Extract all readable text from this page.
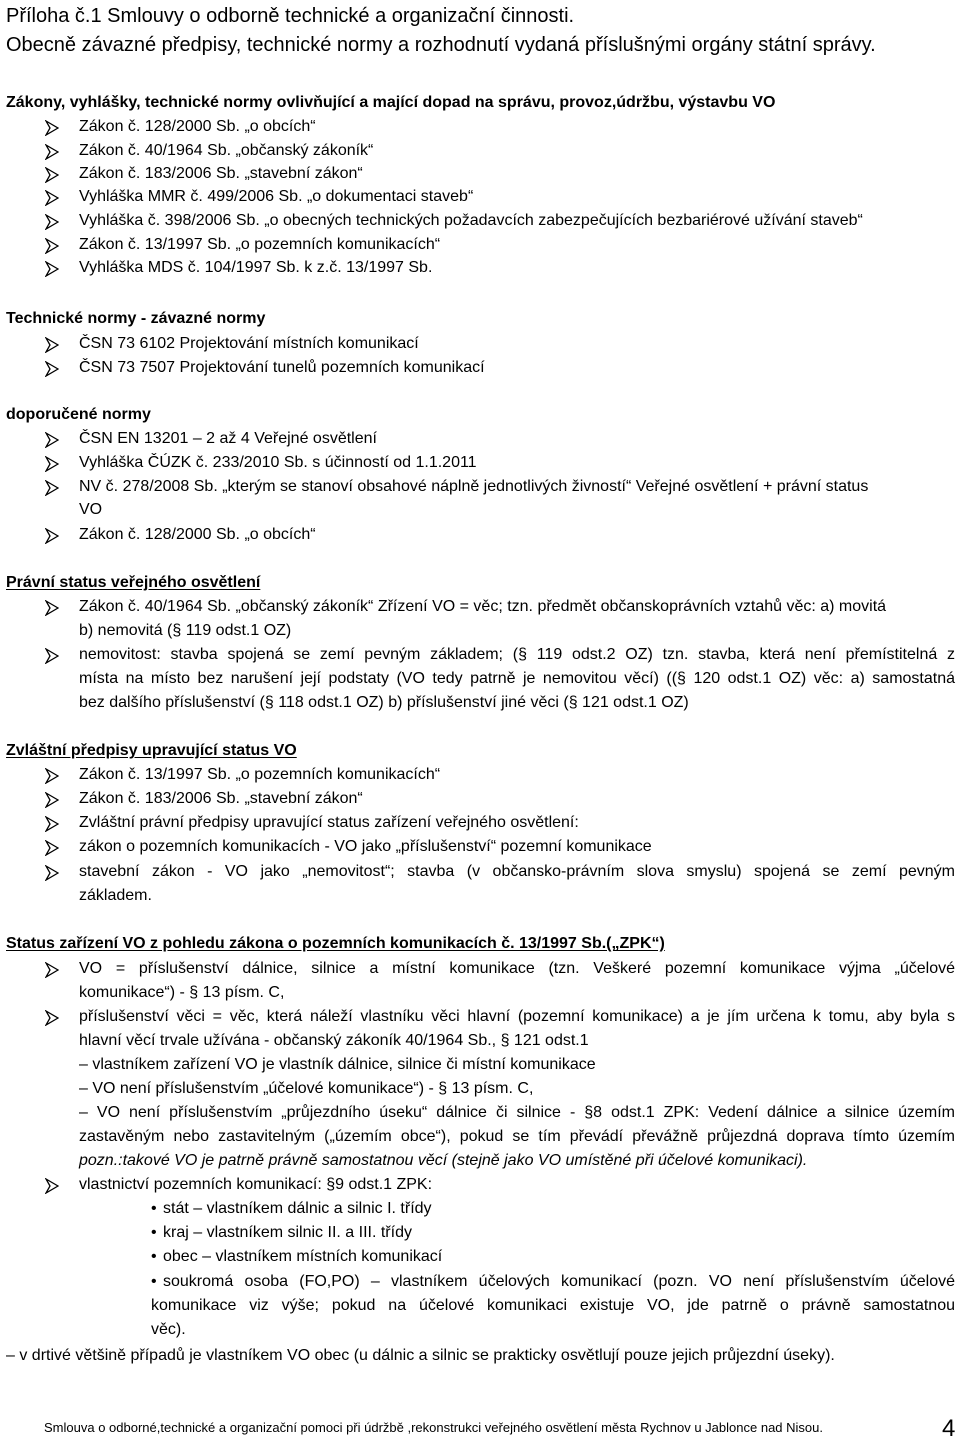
Příloha č.1 Smlouvy o odborně technické a organizační činnosti.
Obecně závazné předpisy, technické normy a rozhodnutí vydaná příslušnými orgány státní správy.
Zákony, vyhlášky, technické normy ovlivňující a mající dopad na správu, provoz,údržbu, výstavbu VO
Zákon č. 128/2000 Sb. „o obcích“
Zákon č. 40/1964 Sb. „občanský zákoník“
Zákon č. 183/2006 Sb. „stavební zákon“
Vyhláška MMR č. 499/2006 Sb. „o dokumentaci staveb“
Vyhláška č. 398/2006 Sb. „o obecných technických požadavcích zabezpečujících bezbariérové užívání staveb“
Zákon č. 13/1997 Sb. „o pozemních komunikacích“
Vyhláška MDS č. 104/1997 Sb. k z.č. 13/1997 Sb.
Technické normy - závazné normy
ČSN 73 6102 Projektování místních komunikací
ČSN 73 7507 Projektování tunelů pozemních komunikací
doporučené normy
ČSN EN 13201 – 2 až 4 Veřejné osvětlení
Vyhláška ČÚZK č. 233/2010 Sb. s účinností od 1.1.2011
NV č. 278/2008 Sb. „kterým se stanoví obsahové náplně jednotlivých živností“ Veřejné osvětlení + právní status
VO
Zákon č. 128/2000 Sb. „o obcích“
Právní status veřejného osvětlení
Zákon č. 40/1964 Sb. „občanský zákoník“ Zřízení VO = věc; tzn. předmět občanskoprávních vztahů věc: a) movitá
b) nemovitá (§ 119 odst.1 OZ)
nemovitost: stavba spojená se zemí pevným základem; (§ 119 odst.2 OZ) tzn. stavba, která není přemístitelná z
místa na místo bez narušení její podstaty (VO tedy patrně je nemovitou věcí) ((§ 120 odst.1 OZ) věc: a) samostatná
bez dalšího příslušenství (§ 118 odst.1 OZ) b) příslušenství jiné věci (§ 121 odst.1 OZ)
Zvláštní předpisy upravující status VO
Zákon č. 13/1997 Sb. „o pozemních komunikacích“
Zákon č. 183/2006 Sb. „stavební zákon“
Zvláštní právní předpisy upravující status zařízení veřejného osvětlení:
zákon o pozemních komunikacích - VO jako „příslušenství“ pozemní komunikace
stavební zákon - VO jako „nemovitost“; stavba (v občansko-právním slova smyslu) spojená se zemí pevným
základem.
Status zařízení VO z pohledu zákona o pozemních komunikacích č. 13/1997 Sb.(„ZPK“)
VO = příslušenství dálnice, silnice a místní komunikace (tzn. Veškeré pozemní komunikace výjma „účelové
komunikace“) - § 13 písm. C,
příslušenství věci = věc, která náleží vlastníku věci hlavní (pozemní komunikace) a je jím určena k tomu, aby byla s
hlavní věcí trvale užívána - občanský zákoník 40/1964 Sb., § 121 odst.1
– vlastníkem zařízení VO je vlastník dálnice, silnice či místní komunikace
– VO není příslušenstvím „účelové komunikace“) - § 13 písm. C,
– VO není příslušenstvím „průjezdního úseku“ dálnice či silnice - §8 odst.1 ZPK: Vedení dálnice a silnice územím
zastavěným nebo zastavitelným („územím obce“), pokud se tím převádí převážně průjezdná doprava tímto územím
pozn.:takové VO je patrně právně samostatnou věcí (stejně jako VO umístěné při účelové komunikaci).
vlastnictví pozemních komunikací: §9 odst.1 ZPK:
• stát – vlastníkem dálnic a silnic I. třídy
• kraj – vlastníkem silnic II. a III. třídy
• obec – vlastníkem místních komunikací
• soukromá osoba (FO,PO) – vlastníkem účelových komunikací (pozn. VO není příslušenstvím účelové
komunikace viz výše; pokud na účelové komunikaci existuje VO, jde patrně o právně samostatnou
věc).
– v drtivé většině případů je vlastníkem VO obec (u dálnic a silnic se prakticky osvětlují pouze jejich průjezdní úseky).
Smlouva o odborné,technické a organizační pomoci při údržbě ,rekonstrukci veřejného osvětlení města Rychnov u Jablonce nad Nisou.	4
